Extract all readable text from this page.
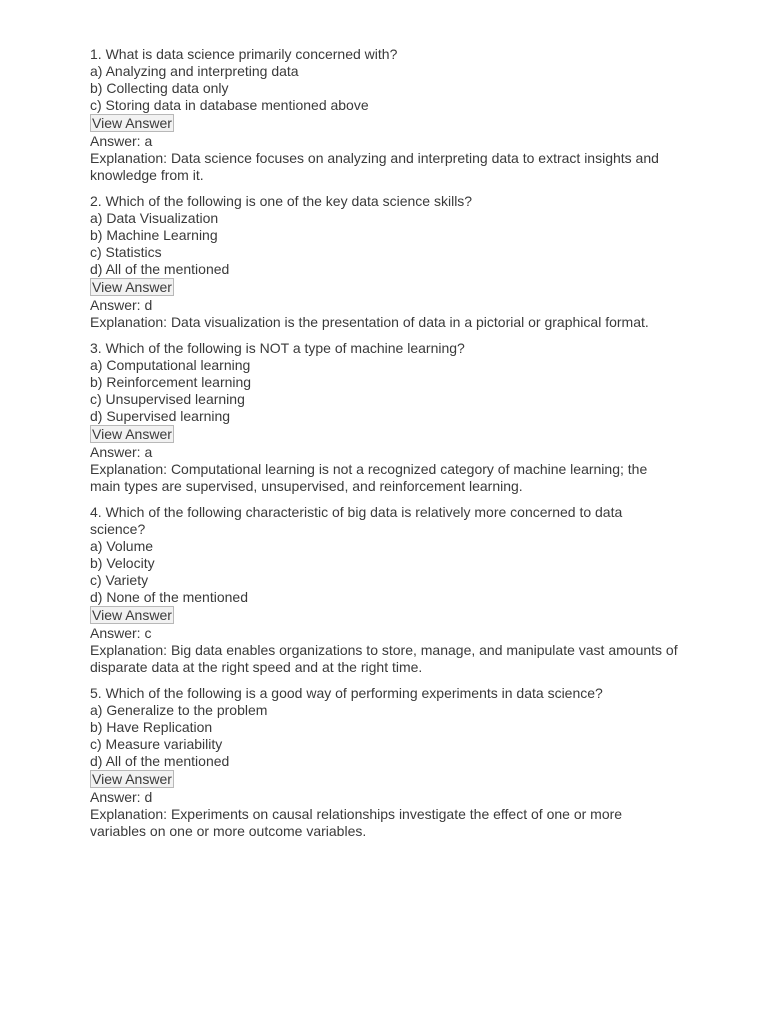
1. What is data science primarily concerned with?
a) Analyzing and interpreting data
b) Collecting data only
c) Storing data in database mentioned above
View Answer
Answer: a
Explanation: Data science focuses on analyzing and interpreting data to extract insights and knowledge from it.
2. Which of the following is one of the key data science skills?
a) Data Visualization
b) Machine Learning
c) Statistics
d) All of the mentioned
View Answer
Answer: d
Explanation: Data visualization is the presentation of data in a pictorial or graphical format.
3. Which of the following is NOT a type of machine learning?
a) Computational learning
b) Reinforcement learning
c) Unsupervised learning
d) Supervised learning
View Answer
Answer: a
Explanation: Computational learning is not a recognized category of machine learning; the main types are supervised, unsupervised, and reinforcement learning.
4. Which of the following characteristic of big data is relatively more concerned to data science?
a) Volume
b) Velocity
c) Variety
d) None of the mentioned
View Answer
Answer: c
Explanation: Big data enables organizations to store, manage, and manipulate vast amounts of disparate data at the right speed and at the right time.
5. Which of the following is a good way of performing experiments in data science?
a) Generalize to the problem
b) Have Replication
c) Measure variability
d) All of the mentioned
View Answer
Answer: d
Explanation: Experiments on causal relationships investigate the effect of one or more variables on one or more outcome variables.
